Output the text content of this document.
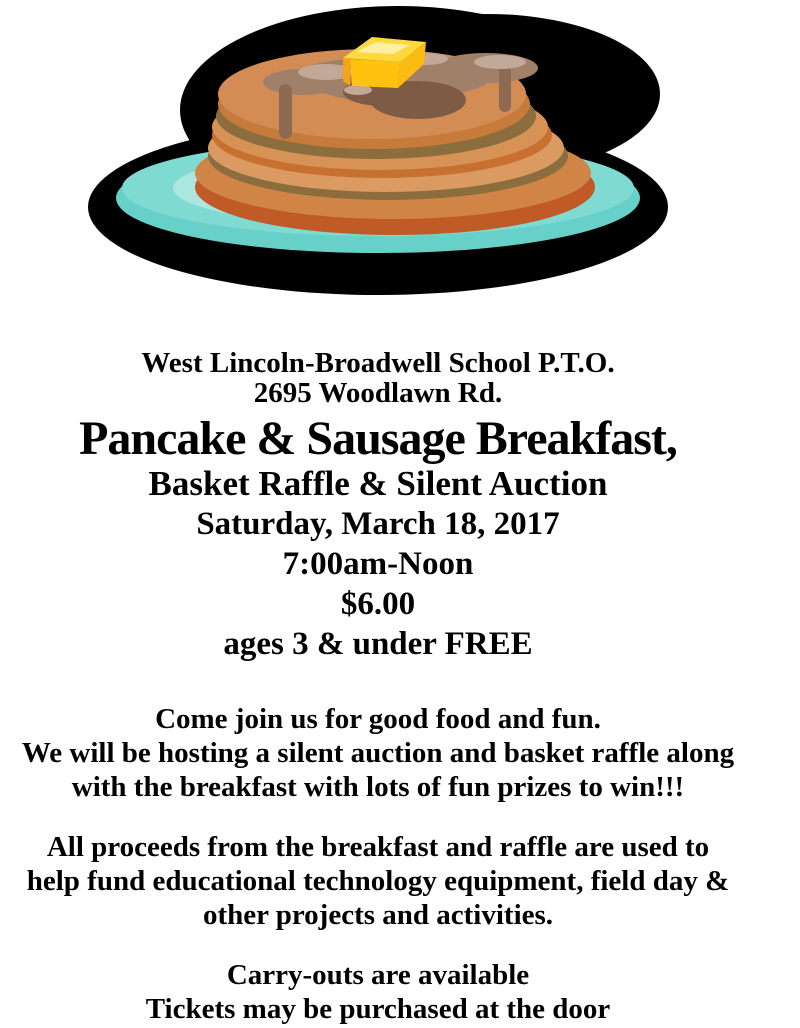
West Lincoln-Broadwell School P.T.O.
2695 Woodlawn Rd.
Pancake & Sausage Breakfast,
Basket Raffle & Silent Auction
Saturday, March 18, 2017
7:00am-Noon
$6.00
ages 3 & under FREE
Come join us for good food and fun.
We will be hosting a silent auction and basket raffle along
with the breakfast with lots of fun prizes to win!!!
All proceeds from the breakfast and raffle are used to
help fund educational technology equipment, field day &
other projects and activities.
Carry-outs are available
Tickets may be purchased at the door
